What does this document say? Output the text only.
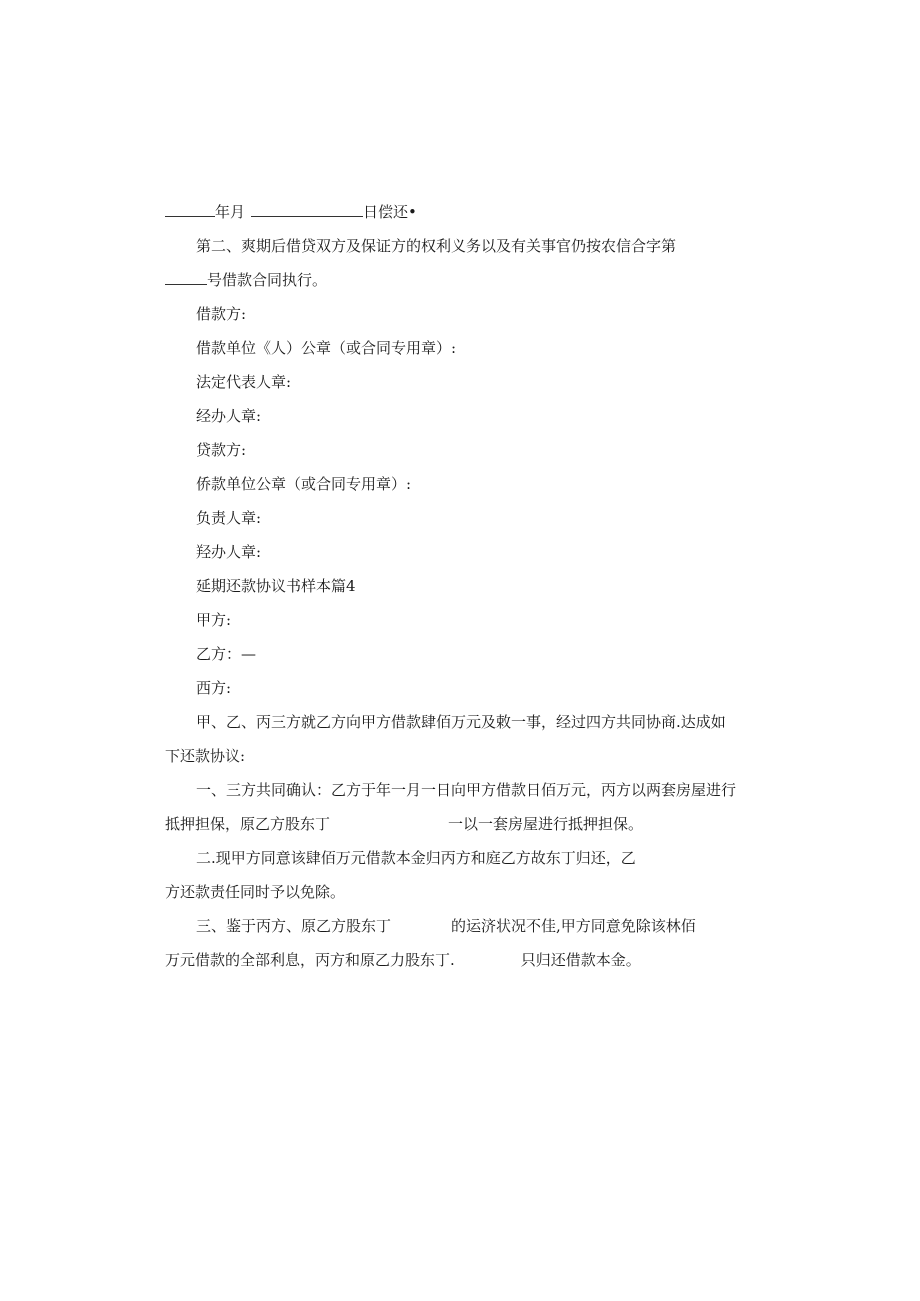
年月	日偿还•
第二、爽期后借贷双方及保证方的权利义务以及有关事官仍按农信合字第
号借款合同执行。
借款方:
借款单位《人）公章（或合同专用章）:
法定代表人章:
经办人章:
贷款方:
侨款单位公章（或合同专用章）:
负责人章:
羟办人章:
延期还款协议书样本篇4
甲方:
乙方：—
西方:
甲、乙、丙三方就乙方向甲方借款肆佰万元及敕一事，经过四方共同协商.达成如
下还款协议:
一、三方共同确认：乙方于年一月一日向甲方借款日佰万元，丙方以两套房屋进行
抵押担保，原乙方股东丁	一以一套房屋进行抵押担保。
二.现甲方同意该肆佰万元借款本金归丙方和庭乙方故东丁归还，乙
方还款责任同时予以免除。
三、鉴于丙方、原乙方股东丁	的运济状况不佳,甲方同意免除该林佰
万元借款的全部利息，丙方和原乙力股东丁.	只归还借款本金。
